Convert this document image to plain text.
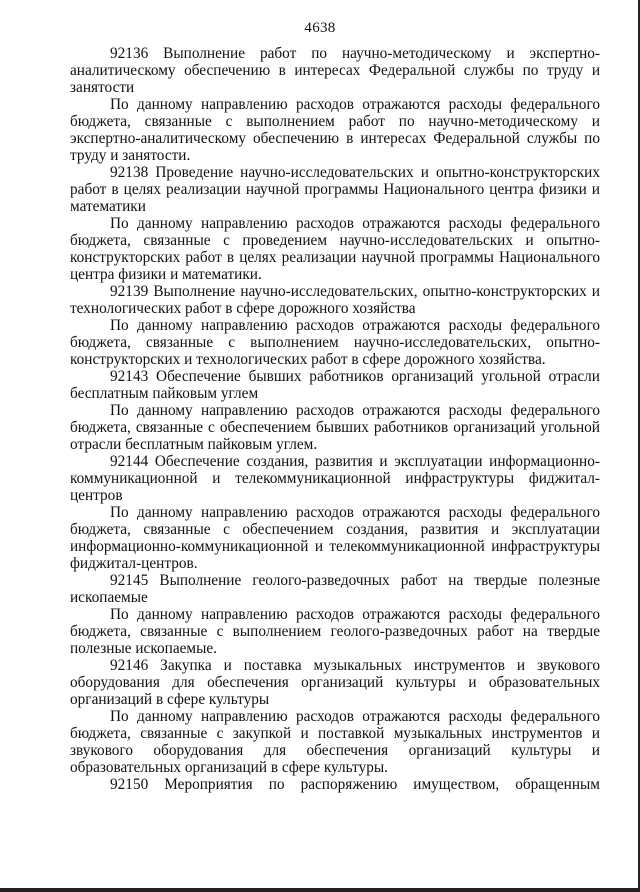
4638

92136 Выполнение работ по научно-методическому и экспертно-аналитическому обеспечению в интересах Федеральной службы по труду и занятости

По данному направлению расходов отражаются расходы федерального бюджета, связанные с выполнением работ по научно-методическому и экспертно-аналитическому обеспечению в интересах Федеральной службы по труду и занятости.

92138 Проведение научно-исследовательских и опытно-конструкторских работ в целях реализации научной программы Национального центра физики и математики

По данному направлению расходов отражаются расходы федерального бюджета, связанные с проведением научно-исследовательских и опытно-конструкторских работ в целях реализации научной программы Национального центра физики и математики.

92139 Выполнение научно-исследовательских, опытно-конструкторских и технологических работ в сфере дорожного хозяйства

По данному направлению расходов отражаются расходы федерального бюджета, связанные с выполнением научно-исследовательских, опытно-конструкторских и технологических работ в сфере дорожного хозяйства.

92143 Обеспечение бывших работников организаций угольной отрасли бесплатным пайковым углем

По данному направлению расходов отражаются расходы федерального бюджета, связанные с обеспечением бывших работников организаций угольной отрасли бесплатным пайковым углем.

92144 Обеспечение создания, развития и эксплуатации информационно-коммуникационной и телекоммуникационной инфраструктуры фиджитал-центров

По данному направлению расходов отражаются расходы федерального бюджета, связанные с обеспечением создания, развития и эксплуатации информационно-коммуникационной и телекоммуникационной инфраструктуры фиджитал-центров.

92145 Выполнение геолого-разведочных работ на твердые полезные ископаемые

По данному направлению расходов отражаются расходы федерального бюджета, связанные с выполнением геолого-разведочных работ на твердые полезные ископаемые.

92146 Закупка и поставка музыкальных инструментов и звукового оборудования для обеспечения организаций культуры и образовательных организаций в сфере культуры

По данному направлению расходов отражаются расходы федерального бюджета, связанные с закупкой и поставкой музыкальных инструментов и звукового оборудования для обеспечения организаций культуры и образовательных организаций в сфере культуры.

92150 Мероприятия по распоряжению имуществом, обращенным
